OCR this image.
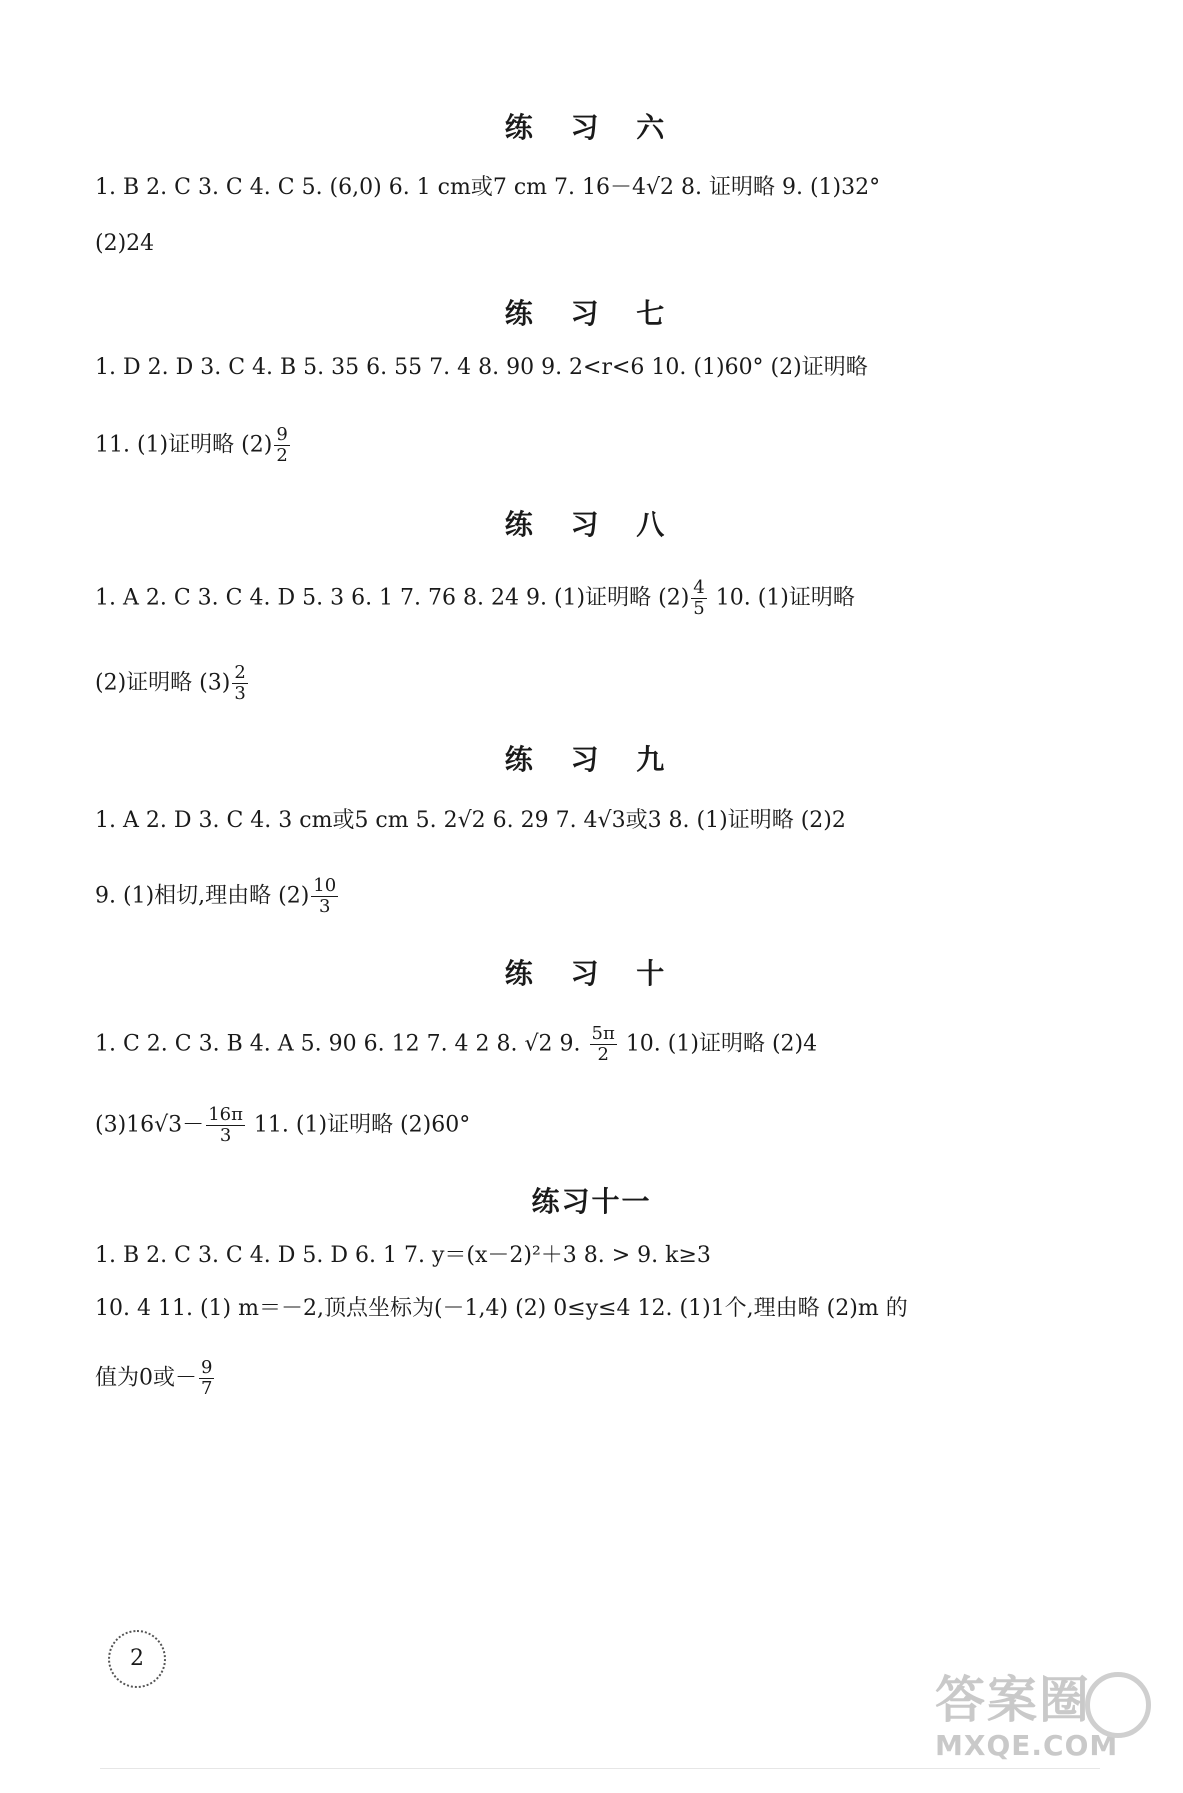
练 习 六

1. B 2. C 3. C 4. C 5. (6,0) 6. 1 cm或7 cm 7. 16－4√2 8. 证明略 9. (1)32°

(2)24

练 习 七

1. D 2. D 3. C 4. B 5. 35 6. 55 7. 4 8. 90 9. 2<r<6 10. (1)60° (2)证明略

11. (1)证明略 $(2) \frac{9}{2}$

练 习 八

1. A 2. C 3. C 4. D 5. 3 6. 1 7. 76 8. 24 9. (1)证明略 $(2) \frac{4}{5} 10$. (1)证明略

(2)证明略 $(3) \frac{2}{3}$

练 习 九

1. A 2. D 3. C 4. 3 cm或5 cm 5. 2√2 6. 29 7. 4√3或3 8. (1)证明略 (2)2

9. (1)相切,理由略 $(2) \frac{10}{3}$

练 习 十

1. C 2. C 3. B 4. A 5. 90 6. 12 7. 4 2 8. √2 9. $\frac{5\pi}{2} 10$. (1)证明略 (2)4

$(3)16√3- \frac{16\pi}{3} 11$. (1)证明略 (2)60°

练习十一

1. B 2. C 3. C 4. D 5. D 6. 1 7. y＝(x－2)²＋3 8. > 9. k≥3

10. 4 11. (1) m＝－2,顶点坐标为(－1,4) (2) 0≤y≤4 12. (1)1个,理由略 (2)m 的

值为0或－ $\frac{9}{7}$

2
答案圈
MXQE.COM
